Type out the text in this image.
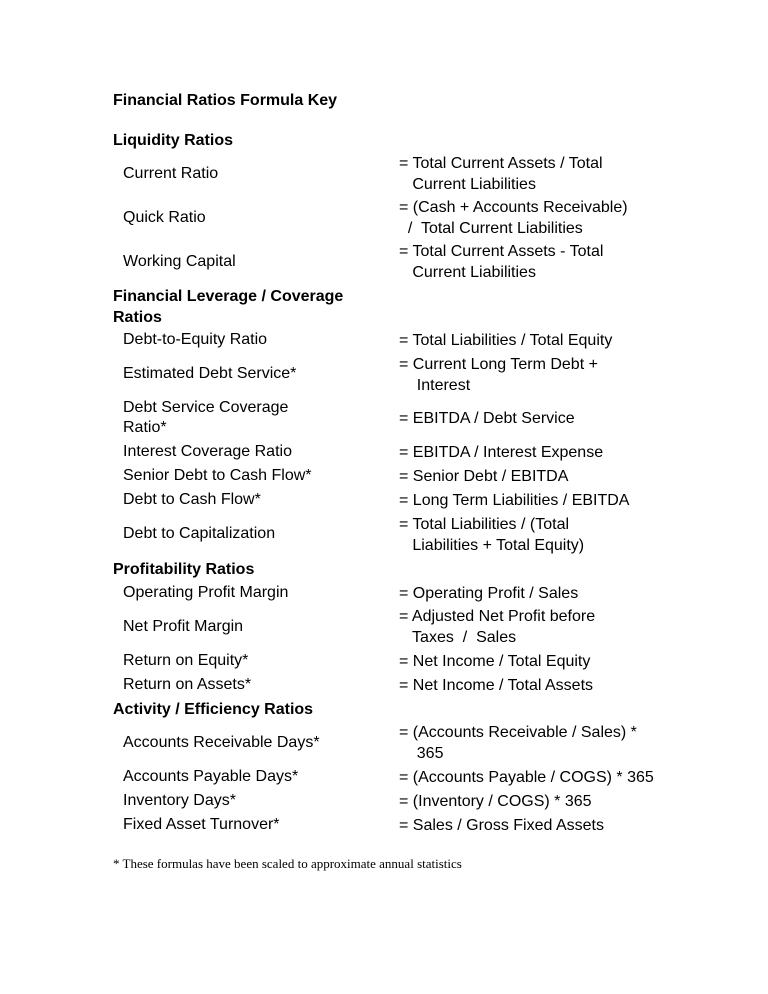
Financial Ratios Formula Key
Liquidity Ratios
Current Ratio
= Total Current Assets / Total
Current Liabilities
Quick Ratio
= (Cash + Accounts Receivable)
/  Total Current Liabilities
Working Capital
= Total Current Assets - Total
Current Liabilities
Financial Leverage / Coverage
Ratios
Debt-to-Equity Ratio	= Total Liabilities / Total Equity
Estimated Debt Service*
= Current Long Term Debt +
Interest
Debt Service Coverage
Ratio*
= EBITDA / Debt Service
Interest Coverage Ratio	= EBITDA / Interest Expense
Senior Debt to Cash Flow*	= Senior Debt / EBITDA
Debt to Cash Flow*	= Long Term Liabilities / EBITDA
Debt to Capitalization
= Total Liabilities / (Total
Liabilities + Total Equity)
Profitability Ratios
Operating Profit Margin	= Operating Profit / Sales
Net Profit Margin
= Adjusted Net Profit before
Taxes  /  Sales
Return on Equity*	= Net Income / Total Equity
Return on Assets*	= Net Income / Total Assets
Activity / Efficiency Ratios
Accounts Receivable Days*
= (Accounts Receivable / Sales) *
365
Accounts Payable Days*	= (Accounts Payable / COGS) * 365
Inventory Days*	= (Inventory / COGS) * 365
Fixed Asset Turnover*	= Sales / Gross Fixed Assets
* These formulas have been scaled to approximate annual statistics
